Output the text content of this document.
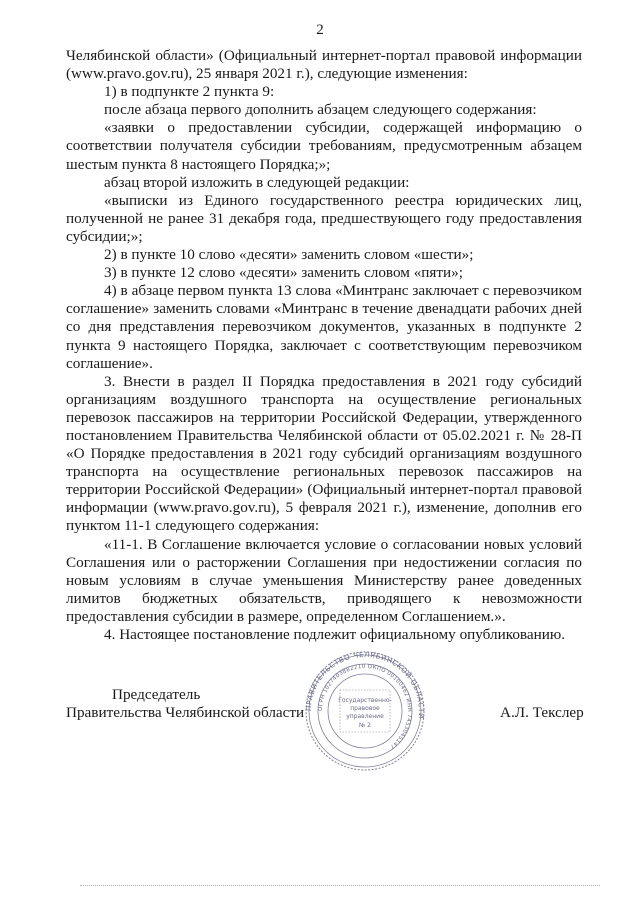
2

Челябинской области» (Официальный интернет-портал правовой информации (www.pravo.gov.ru), 25 января 2021 г.), следующие изменения:

1) в подпункте 2 пункта 9:

после абзаца первого дополнить абзацем следующего содержания:

«заявки о предоставлении субсидии, содержащей информацию о соответствии получателя субсидии требованиям, предусмотренным абзацем шестым пункта 8 настоящего Порядка;»;

абзац второй изложить в следующей редакции:

«выписки из Единого государственного реестра юридических лиц, полученной не ранее 31 декабря года, предшествующего году предоставления субсидии;»;

2) в пункте 10 слово «десяти» заменить словом «шести»;

3) в пункте 12 слово «десяти» заменить словом «пяти»;

4) в абзаце первом пункта 13 слова «Минтранс заключает с перевозчиком соглашение» заменить словами «Минтранс в течение двенадцати рабочих дней со дня представления перевозчиком документов, указанных в подпункте 2 пункта 9 настоящего Порядка, заключает с соответствующим перевозчиком соглашение».

3. Внести в раздел II Порядка предоставления в 2021 году субсидий организациям воздушного транспорта на осуществление региональных перевозок пассажиров на территории Российской Федерации, утвержденного постановлением Правительства Челябинской области от 05.02.2021 г. № 28-П «О Порядке предоставления в 2021 году субсидий организациям воздушного транспорта на осуществление региональных перевозок пассажиров на территории Российской Федерации» (Официальный интернет-портал правовой информации (www.pravo.gov.ru), 5 февраля 2021 г.), изменение, дополнив его пунктом 11-1 следующего содержания:

«11-1. В Соглашение включается условие о согласовании новых условий Соглашения или о расторжении Соглашения при недостижении согласия по новым условиям в случае уменьшения Министерству ранее доведенных лимитов бюджетных обязательств, приводящего к невозможности предоставления субсидии в размере, определенном Соглашением.».

4. Настоящее постановление подлежит официальному опубликованию.

Председатель
Правительства Челябинской области ПРАВИТЕЛЬСТВО ЧЕЛЯБИНСКОЙ ОБЛАСТИ
ОГРН 1027403882210 ОКПО 00100462 ИНН 7453045147
Государственно-
правовое
управление
№ 2
А.Л. Текслер
